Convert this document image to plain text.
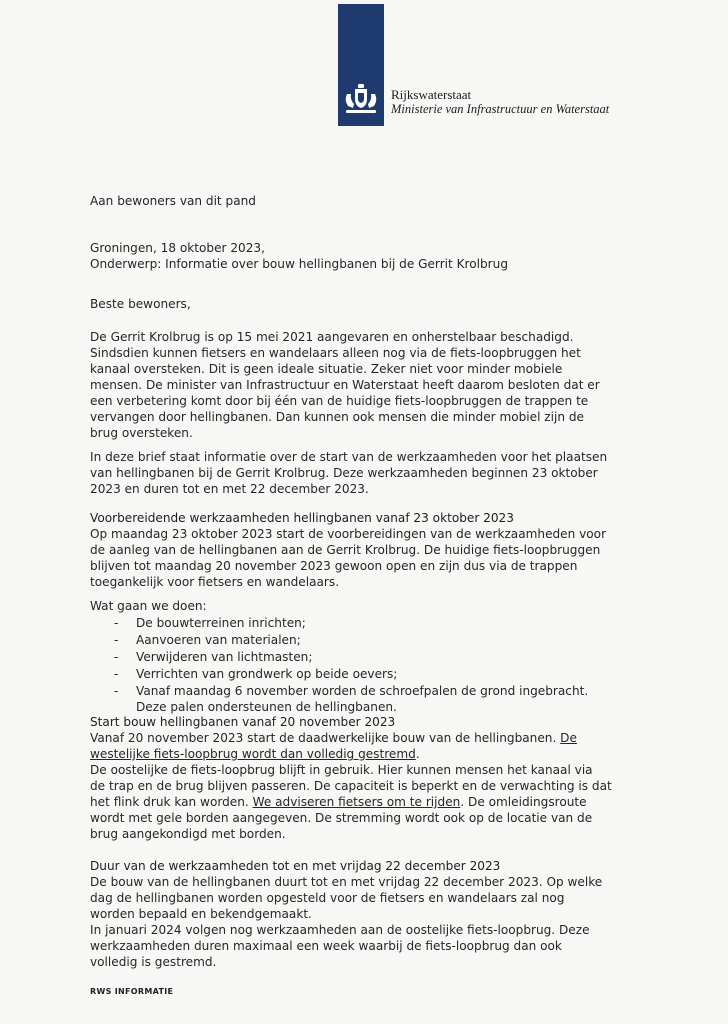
Rijkswaterstaat
Ministerie van Infrastructuur en Waterstaat

Aan bewoners van dit pand
Groningen, 18 oktober 2023,
Onderwerp: Informatie over bouw hellingbanen bij de Gerrit Krolbrug
Beste bewoners,
De Gerrit Krolbrug is op 15 mei 2021 aangevaren en onherstelbaar beschadigd.
Sindsdien kunnen fietsers en wandelaars alleen nog via de fiets-loopbruggen het
kanaal oversteken. Dit is geen ideale situatie. Zeker niet voor minder mobiele
mensen. De minister van Infrastructuur en Waterstaat heeft daarom besloten dat er
een verbetering komt door bij één van de huidige fiets-loopbruggen de trappen te
vervangen door hellingbanen. Dan kunnen ook mensen die minder mobiel zijn de
brug oversteken.
In deze brief staat informatie over de start van de werkzaamheden voor het plaatsen
van hellingbanen bij de Gerrit Krolbrug. Deze werkzaamheden beginnen 23 oktober
2023 en duren tot en met 22 december 2023.
Voorbereidende werkzaamheden hellingbanen vanaf 23 oktober 2023
Op maandag 23 oktober 2023 start de voorbereidingen van de werkzaamheden voor
de aanleg van de hellingbanen aan de Gerrit Krolbrug. De huidige fiets-loopbruggen
blijven tot maandag 20 november 2023 gewoon open en zijn dus via de trappen
toegankelijk voor fietsers en wandelaars.
Wat gaan we doen:
- De bouwterreinen inrichten;
- Aanvoeren van materialen;
- Verwijderen van lichtmasten;
- Verrichten van grondwerk op beide oevers;
- Vanaf maandag 6 november worden de schroefpalen de grond ingebracht.
Deze palen ondersteunen de hellingbanen.
Start bouw hellingbanen vanaf 20 november 2023
Vanaf 20 november 2023 start de daadwerkelijke bouw van de hellingbanen. De
westelijke fiets-loopbrug wordt dan volledig gestremd.
De oostelijke de fiets-loopbrug blijft in gebruik. Hier kunnen mensen het kanaal via
de trap en de brug blijven passeren. De capaciteit is beperkt en de verwachting is dat
het flink druk kan worden. We adviseren fietsers om te rijden. De omleidingsroute
wordt met gele borden aangegeven. De stremming wordt ook op de locatie van de
brug aangekondigd met borden.
Duur van de werkzaamheden tot en met vrijdag 22 december 2023
De bouw van de hellingbanen duurt tot en met vrijdag 22 december 2023. Op welke
dag de hellingbanen worden opgesteld voor de fietsers en wandelaars zal nog
worden bepaald en bekendgemaakt.
In januari 2024 volgen nog werkzaamheden aan de oostelijke fiets-loopbrug. Deze
werkzaamheden duren maximaal een week waarbij de fiets-loopbrug dan ook
volledig is gestremd.
RWS INFORMATIE
